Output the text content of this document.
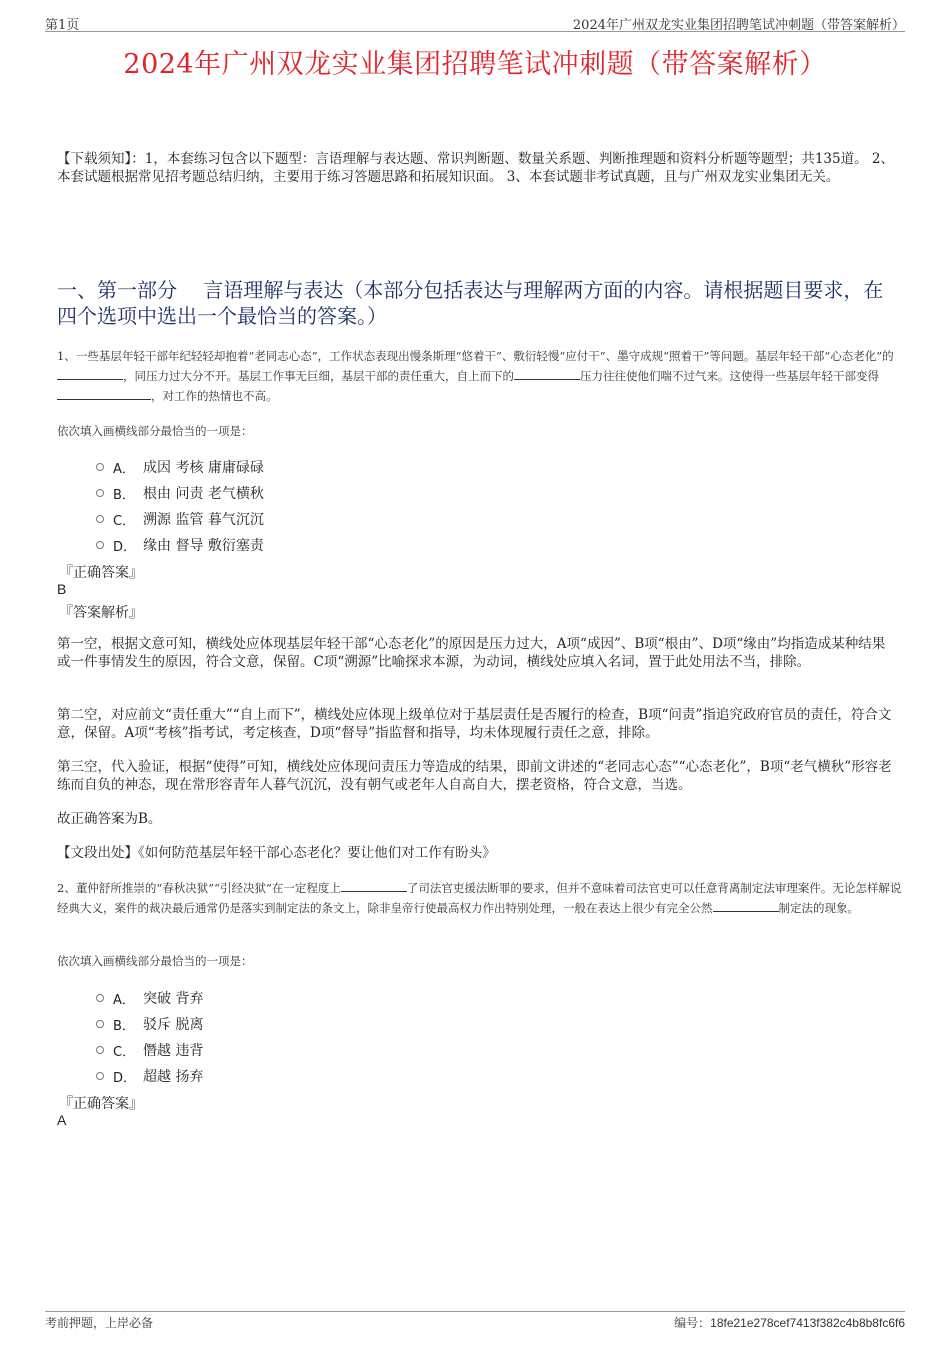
第1页	2024年广州双龙实业集团招聘笔试冲刺题（带答案解析）
2024年广州双龙实业集团招聘笔试冲刺题（带答案解析）
【下载须知】：1，本套练习包含以下题型：言语理解与表达题、常识判断题、数量关系题、判断推理题和资料分析题等题型；共135道。 2、本套试题根据常见招考题总结归纳，主要用于练习答题思路和拓展知识面。 3、本套试题非考试真题，且与广州双龙实业集团无关。
一、第一部分　 言语理解与表达（本部分包括表达与理解两方面的内容。请根据题目要求，在四个选项中选出一个最恰当的答案。）
1、一些基层年轻干部年纪轻轻却抱着“老同志心态”，工作状态表现出慢条斯理“悠着干”、敷衍轻慢“应付干”、墨守成规“照着干”等问题。基层年轻干部“心态老化”的，同压力过大分不开。基层工作事无巨细，基层干部的责任重大，自上而下的	压力往往使他们喘不过气来。这使得一些基层年轻干部变得，对工作的热情也不高。
依次填入画横线部分最恰当的一项是：
A． 成因 考核 庸庸碌碌
B． 根由 问责 老气横秋
C． 溯源 监管 暮气沉沉
D． 缘由 督导 敷衍塞责
『正确答案』
B
『答案解析』
第一空，根据文意可知，横线处应体现基层年轻干部“心态老化”的原因是压力过大，A项“成因”、B项“根由”、D项“缘由”均指造成某种结果或一件事情发生的原因，符合文意，保留。C项“溯源”比喻探求本源，为动词，横线处应填入名词，置于此处用法不当，排除。
第二空，对应前文“责任重大”“自上而下”，横线处应体现上级单位对于基层责任是否履行的检查，B项“问责”指追究政府官员的责任，符合文意，保留。A项“考核”指考试，考定核查，D项“督导”指监督和指导，均未体现履行责任之意，排除。
第三空，代入验证，根据“使得”可知，横线处应体现问责压力等造成的结果，即前文讲述的“老同志心态”“心态老化”，B项“老气横秋”形容老练而自负的神态，现在常形容青年人暮气沉沉，没有朝气或老年人自高自大，摆老资格，符合文意，当选。
故正确答案为B。
【文段出处】《如何防范基层年轻干部心态老化？要让他们对工作有盼头》
2、董仲舒所推崇的“春秋决狱”“引经决狱”在一定程度上	了司法官吏援法断罪的要求，但并不意味着司法官吏可以任意背离制定法审理案件。无论怎样解说经典大义，案件的裁决最后通常仍是落实到制定法的条文上，除非皇帝行使最高权力作出特别处理，一般在表达上很少有完全公然	制定法的现象。
依次填入画横线部分最恰当的一项是：
A． 突破 背弃
B． 驳斥 脱离
C． 僭越 违背
D． 超越 扬弃
『正确答案』
A
考前押题，上岸必备	编号：18fe21e278cef7413f382c4b8b8fc6f6
